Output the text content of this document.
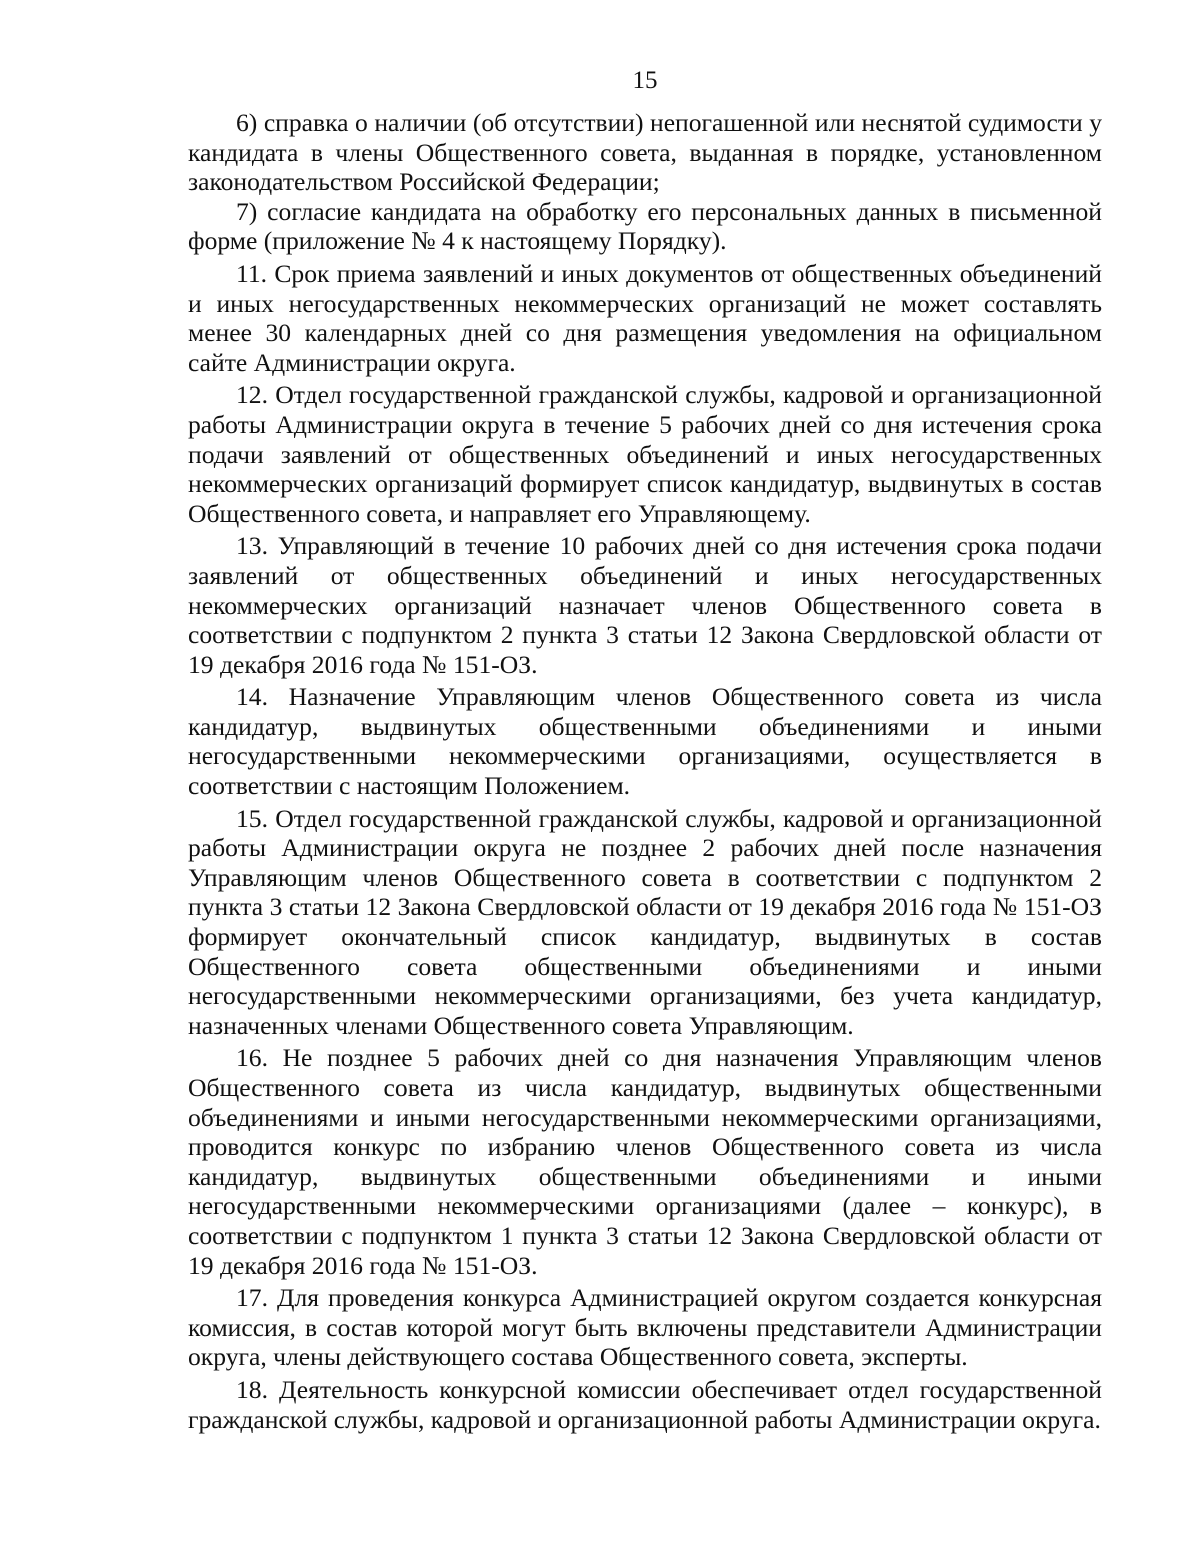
15

6) справка о наличии (об отсутствии) непогашенной или неснятой судимости у кандидата в члены Общественного совета, выданная в порядке, установленном законодательством Российской Федерации;

7) согласие кандидата на обработку его персональных данных в письменной форме (приложение № 4 к настоящему Порядку).

11. Срок приема заявлений и иных документов от общественных объединений и иных негосударственных некоммерческих организаций не может составлять менее 30 календарных дней со дня размещения уведомления на официальном сайте Администрации округа.

12. Отдел государственной гражданской службы, кадровой и организационной работы Администрации округа в течение 5 рабочих дней со дня истечения срока подачи заявлений от общественных объединений и иных негосударственных некоммерческих организаций формирует список кандидатур, выдвинутых в состав Общественного совета, и направляет его Управляющему.

13. Управляющий в течение 10 рабочих дней со дня истечения срока подачи заявлений от общественных объединений и иных негосударственных некоммерческих организаций назначает членов Общественного совета в соответствии с подпунктом 2 пункта 3 статьи 12 Закона Свердловской области от 19 декабря 2016 года № 151-ОЗ.

14. Назначение Управляющим членов Общественного совета из числа кандидатур, выдвинутых общественными объединениями и иными негосударственными некоммерческими организациями, осуществляется в соответствии с настоящим Положением.

15. Отдел государственной гражданской службы, кадровой и организационной работы Администрации округа не позднее 2 рабочих дней после назначения Управляющим членов Общественного совета в соответствии с подпунктом 2 пункта 3 статьи 12 Закона Свердловской области от 19 декабря 2016 года № 151-ОЗ формирует окончательный список кандидатур, выдвинутых в состав Общественного совета общественными объединениями и иными негосударственными некоммерческими организациями, без учета кандидатур, назначенных членами Общественного совета Управляющим.

16. Не позднее 5 рабочих дней со дня назначения Управляющим членов Общественного совета из числа кандидатур, выдвинутых общественными объединениями и иными негосударственными некоммерческими организациями, проводится конкурс по избранию членов Общественного совета из числа кандидатур, выдвинутых общественными объединениями и иными негосударственными некоммерческими организациями (далее – конкурс), в соответствии с подпунктом 1 пункта 3 статьи 12 Закона Свердловской области от 19 декабря 2016 года № 151-ОЗ.

17. Для проведения конкурса Администрацией округом создается конкурсная комиссия, в состав которой могут быть включены представители Администрации округа, члены действующего состава Общественного совета, эксперты.

18. Деятельность конкурсной комиссии обеспечивает отдел государственной гражданской службы, кадровой и организационной работы Администрации округа.
